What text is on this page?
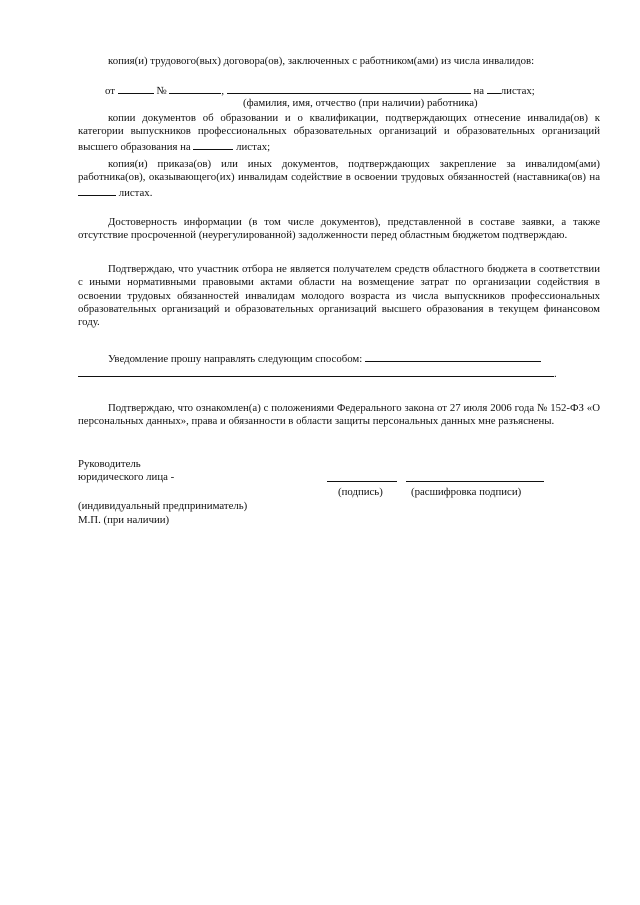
копия(и) трудового(вых) договора(ов), заключенных с работником(ами) из числа инвалидов:

от	№	,	на листах;
(фамилия, имя, отчество (при наличии) работника)

копии документов об образовании и о квалификации, подтверждающих отнесение инвалида(ов) к категории выпускников профессиональных образовательных организаций и образовательных организаций высшего образования на	листах;

копия(и) приказа(ов) или иных документов, подтверждающих закрепление за инвалидом(ами) работника(ов), оказывающего(их) инвалидам содействие в освоении трудовых обязанностей (наставника(ов) на  листах.

Достоверность информации (в том числе документов), представленной в составе заявки, а также отсутствие просроченной (неурегулированной) задолженности перед областным бюджетом подтверждаю.

Подтверждаю, что участник отбора не является получателем средств областного бюджета в соответствии с иными нормативными правовыми актами области на возмещение затрат по организации содействия в освоении трудовых обязанностей инвалидам молодого возраста из числа выпускников профессиональных образовательных организаций и образовательных организаций высшего образования в текущем финансовом году.

Уведомление прошу направлять следующим способом:
.

Подтверждаю, что ознакомлен(а) с положениями Федерального закона от 27 июля 2006 года № 152-ФЗ «О персональных данных», права и обязанности в области защиты персональных данных мне разъяснены.

Руководитель
юридического лица -
(подпись)	(расшифровка подписи)
(индивидуальный предприниматель)
М.П. (при наличии)
